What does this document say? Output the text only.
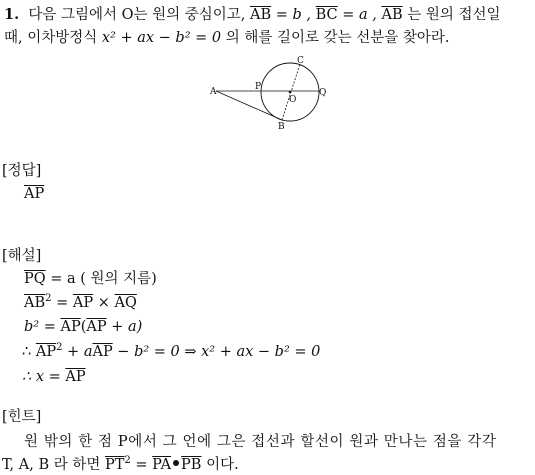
1. 다음 그림에서 O는 원의 중심이고, $\overline{AB} = b$ , $\overline{BC} = a$ , $\overline{AB}$ 는 원의 접선일
때, 이차방정식 x² + ax − b² = 0 의 해를 길이로 갖는 선분을 찾아라.
A	P
O
Q
C
B
[정답]
$\overline{AP}$
[해설]
$\overline{PQ} = a$ ( 원의 지름)
$\overline{AB}^2 = \overline{AP} \times \overline{AQ}$
$b^2 = \overline{AP}(\overline{AP} + a)$
∴ $\overline{AP}^2 + a\overline{AP} - b^2 = 0$ ⇒ x² + ax − b² = 0
∴ $x = \overline{AP}$
[힌트]
원 밖의 한 점 P에서 그 언에 그은 접선과 할선이 원과 만나는 점을 각각
T, A, B 라 하면 $\overline{PT}^2 = \overline{PA}$ $\overline{PB}$ 이다.
